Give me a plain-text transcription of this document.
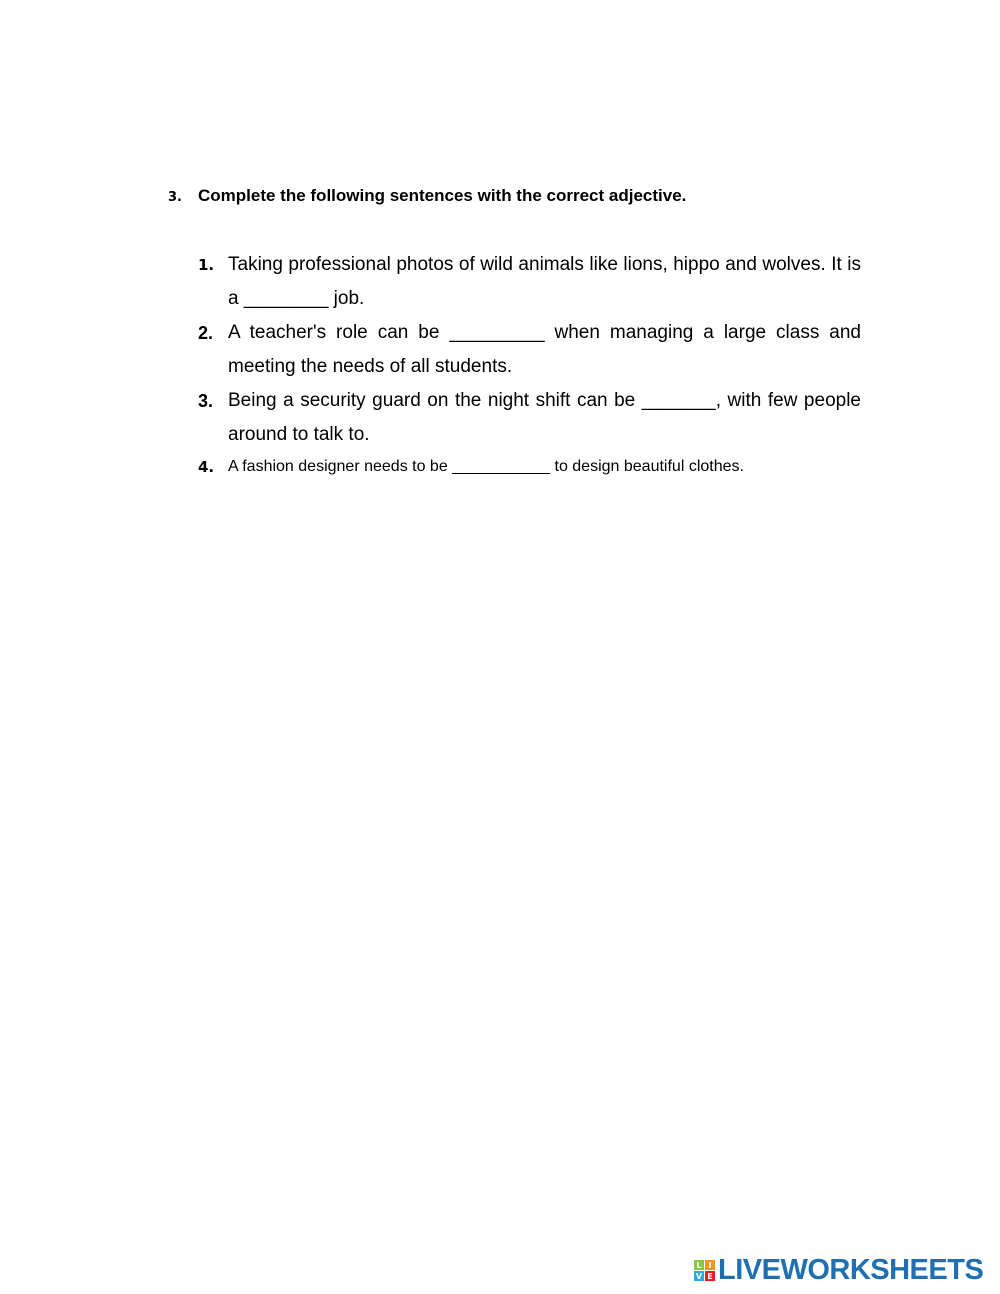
3. Complete the following sentences with the correct adjective.
1. Taking professional photos of wild animals like lions, hippo and wolves. It is a ________ job.
2. A teacher's role can be _________ when managing a large class and meeting the needs of all students.
3. Being a security guard on the night shift can be _______, with few people around to talk to.
4. A fashion designer needs to be ___________ to design beautiful clothes.
L I
V E LIVEWORKSHEETS
